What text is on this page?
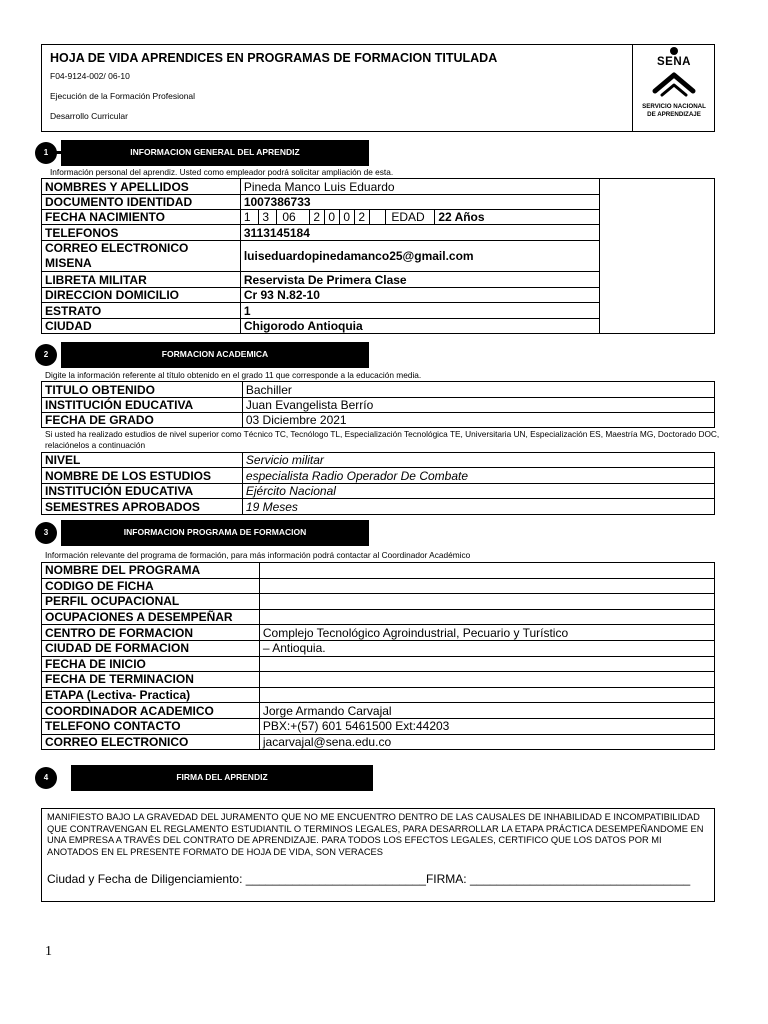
HOJA DE VIDA APRENDICES EN PROGRAMAS DE FORMACION TITULADA
F04-9124-002/ 06-10
Ejecución de la Formación Profesional
Desarrollo Curricular
SENA
SERVICIO NACIONAL
DE APRENDIZAJE
1	INFORMACION GENERAL DEL APRENDIZ
Información personal del aprendiz. Usted como empleador podrá solicitar ampliación de esta.
NOMBRES Y APELLIDOS	Pineda Manco Luis Eduardo	
DOCUMENTO IDENTIDAD	1007386733
FECHA NACIMIENTO		1	3	06	2	0	0	2		EDAD	22 Años

TELEFONOS	3113145184

CORREO ELECTRONICO
MISENA	luiseduardopinedamanco25@gmail.com
LIBRETA MILITAR	Reservista De Primera Clase
DIRECCION DOMICILIO	Cr 93 N.82-10
ESTRATO	1
CIUDAD	Chigorodo Antioquia
2	FORMACION ACADEMICA
Digite la información referente al título obtenido en el grado 11 que corresponde a la educación media.
TITULO OBTENIDO	Bachiller
INSTITUCIÓN EDUCATIVA	Juan Evangelista Berrío
FECHA DE GRADO	03 Diciembre 2021
Si usted ha realizado estudios de nivel superior como Técnico TC, Tecnólogo TL, Especialización Tecnológica TE, Universitaria UN, Especialización ES, Maestría MG, Doctorado DOC, relaciónelos a continuación
NIVEL	Servicio militar
NOMBRE DE LOS ESTUDIOS	especialista Radio Operador De Combate
INSTITUCIÓN EDUCATIVA	Ejército Nacional
SEMESTRES APROBADOS	19 Meses
3	INFORMACION PROGRAMA DE FORMACION
Información relevante del programa de formación, para más información podrá contactar al Coordinador Académico
NOMBRE DEL PROGRAMA	
CODIGO DE FICHA	
PERFIL OCUPACIONAL	
OCUPACIONES A DESEMPEÑAR	
CENTRO DE FORMACION	Complejo Tecnológico Agroindustrial, Pecuario y Turístico
CIUDAD DE FORMACION	– Antioquia.
FECHA DE INICIO	
FECHA DE TERMINACION	
ETAPA (Lectiva- Practica)	
COORDINADOR ACADEMICO	Jorge Armando Carvajal
TELEFONO CONTACTO	PBX:+(57) 601 5461500 Ext:44203
CORREO ELECTRONICO	jacarvajal@sena.edu.co
4	FIRMA DEL APRENDIZ
MANIFIESTO BAJO LA GRAVEDAD DEL JURAMENTO QUE NO ME ENCUENTRO DENTRO DE LAS CAUSALES DE INHABILIDAD E INCOMPATIBILIDAD QUE CONTRAVENGAN EL REGLAMENTO ESTUDIANTIL O TERMINOS LEGALES, PARA DESARROLLAR LA ETAPA PRÁCTICA DESEMPEÑANDOME EN UNA EMPRESA A TRAVÉS DEL CONTRATO DE APRENDIZAJE. PARA TODOS LOS EFECTOS LEGALES, CERTIFICO QUE LOS DATOS POR MI ANOTADOS EN EL PRESENTE FORMATO DE HOJA DE VIDA, SON VERACES
Ciudad y Fecha de Diligenciamiento: ___________________________FIRMA: _________________________________
1
